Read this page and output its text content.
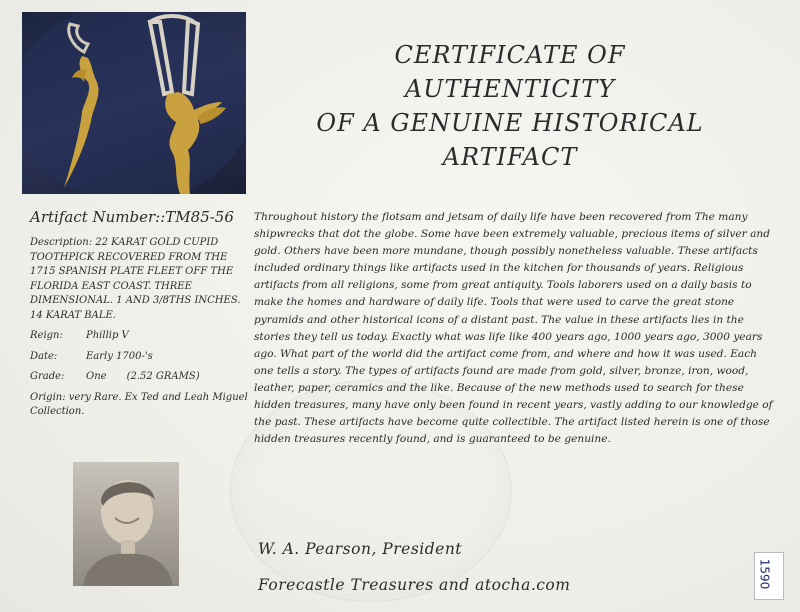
CERTIFICATE OF
AUTHENTICITY
OF A GENUINE HISTORICAL
ARTIFACT
Artifact Number::TM85-56

Description: 22 KARAT GOLD CUPID TOOTHPICK RECOVERED FROM THE 1715 SPANISH PLATE FLEET OFF THE FLORIDA EAST COAST. THREE DIMENSIONAL. 1 AND 3/8THS INCHES. 14 KARAT BALE.

Reign:	Phillip V
Date:	Early 1700-'s
Grade:	One (2.52 GRAMS)
Origin: very Rare. Ex Ted and Leah Miguel Collection.
Throughout history the flotsam and jetsam of daily life have been recovered from The many shipwrecks that dot the globe. Some have been extremely valuable, precious items of silver and gold. Others have been more mundane, though possibly nonetheless valuable. These artifacts included ordinary things like artifacts used in the kitchen for thousands of years. Religious artifacts from all religions, some from great antiquity. Tools laborers used on a daily basis to make the homes and hardware of daily life. Tools that were used to carve the great stone pyramids and other historical icons of a distant past. The value in these artifacts lies in the stories they tell us today. Exactly what was life like 400 years ago, 1000 years ago, 3000 years ago. What part of the world did the artifact come from, and where and how it was used. Each one tells a story. The types of artifacts found are made from gold, silver, bronze, iron, wood, leather, paper, ceramics and the like. Because of the new methods used to search for these hidden treasures, many have only been found in recent years, vastly adding to our knowledge of the past. These artifacts have become quite collectible. The artifact listed herein is one of those hidden treasures recently found, and is guaranteed to be genuine.
W. A. Pearson, President
Forecastle Treasures and atocha.com	1590
